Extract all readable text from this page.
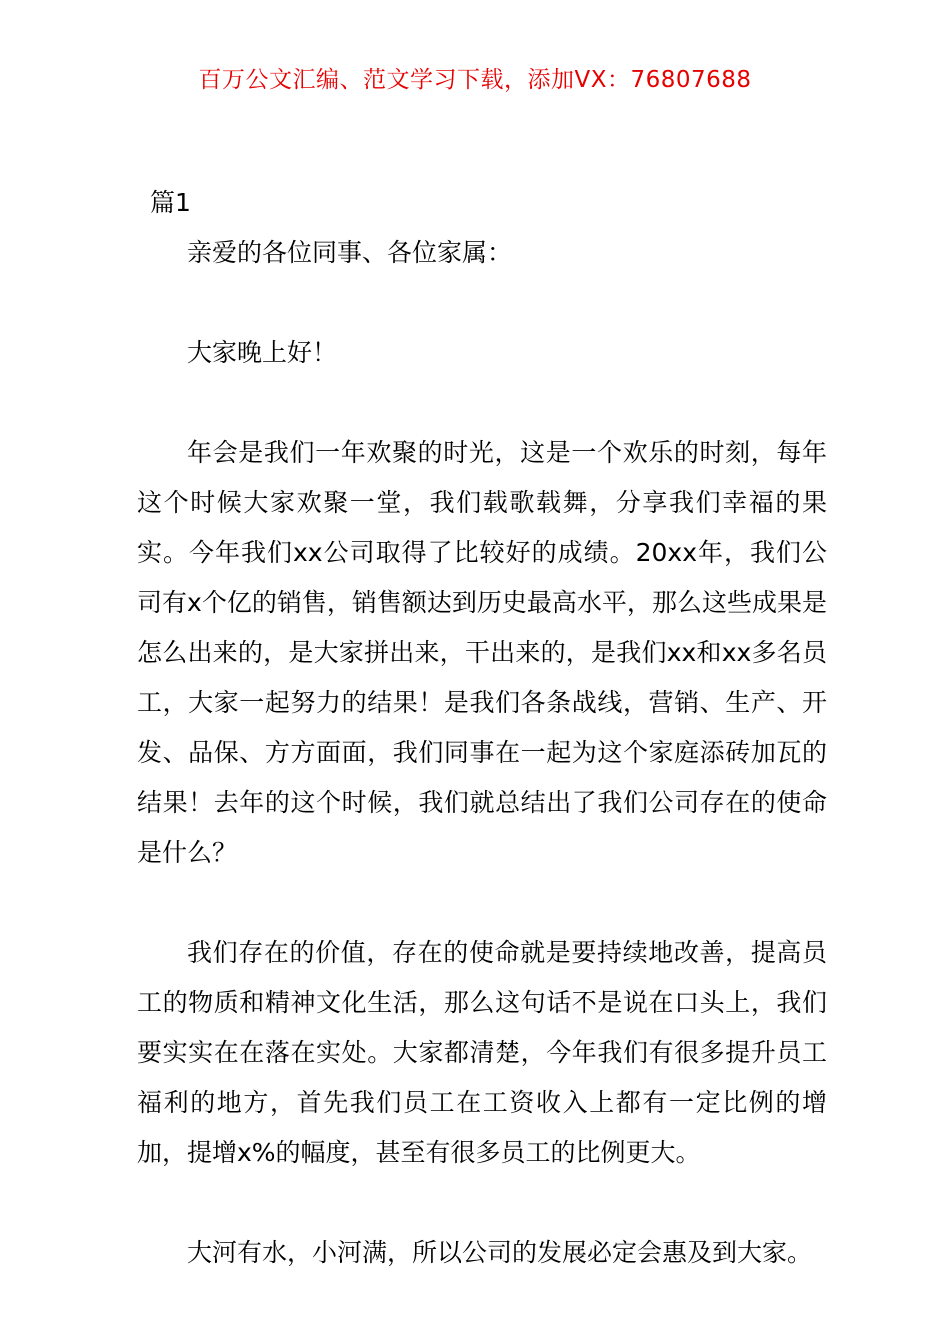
百万公文汇编、范文学习下载，添加VX：76807688

篇1

亲爱的各位同事、各位家属：

大家晚上好！

年会是我们一年欢聚的时光，这是一个欢乐的时刻，每年这个时候大家欢聚一堂，我们载歌载舞，分享我们幸福的果实。今年我们xx公司取得了比较好的成绩。20xx年，我们公司有x个亿的销售，销售额达到历史最高水平，那么这些成果是怎么出来的，是大家拼出来，干出来的，是我们xx和xx多名员工，大家一起努力的结果！是我们各条战线，营销、生产、开发、品保、方方面面，我们同事在一起为这个家庭添砖加瓦的结果！去年的这个时候，我们就总结出了我们公司存在的使命是什么？

我们存在的价值，存在的使命就是要持续地改善，提高员工的物质和精神文化生活，那么这句话不是说在口头上，我们要实实在在落在实处。大家都清楚，今年我们有很多提升员工福利的地方，首先我们员工在工资收入上都有一定比例的增加，提增x%的幅度，甚至有很多员工的比例更大。

大河有水，小河满，所以公司的发展必定会惠及到大家。
